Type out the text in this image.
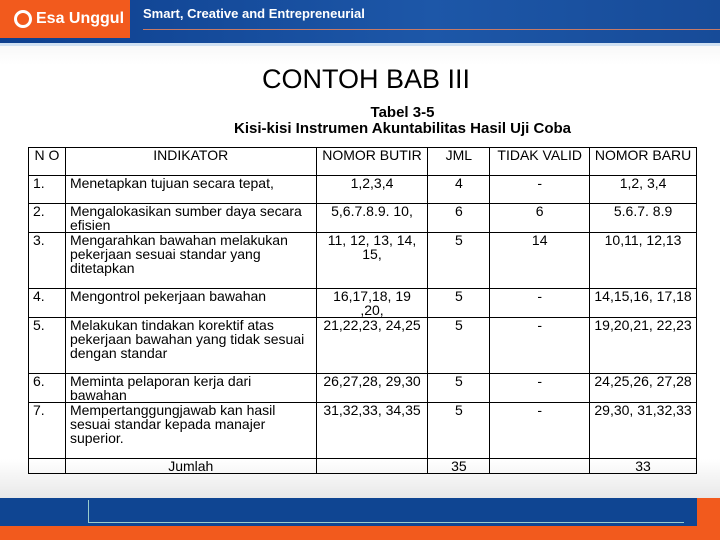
Esa Unggul Smart, Creative and Entrepreneurial
CONTOH BAB III
Tabel 3-5
Kisi-kisi Instrumen Akuntabilitas Hasil Uji Coba
N O	INDIKATOR	NOMOR BUTIR	JML	TIDAK VALID	NOMOR BARU
1.	Menetapkan tujuan secara tepat,	1,2,3,4	4	-	1,2, 3,4
2.	Mengalokasikan sumber daya secara efisien	5,6.7.8.9. 10,	6	6	5.6.7. 8.9
3.	Mengarahkan bawahan melakukan pekerjaan sesuai standar yang ditetapkan	11, 12, 13, 14, 15,	5	14	10,11, 12,13
4.	Mengontrol pekerjaan bawahan	16,17,18, 19 ,20,	5	-	14,15,16, 17,18
5.	Melakukan tindakan korektif atas pekerjaan bawahan yang tidak sesuai dengan standar	21,22,23, 24,25	5	-	19,20,21, 22,23
6.	Meminta pelaporan kerja dari bawahan	26,27,28, 29,30	5	-	24,25,26, 27,28
7.	Mempertanggungjawab kan hasil sesuai standar kepada manajer superior.	31,32,33, 34,35	5	-	29,30, 31,32,33
	Jumlah		35		33
